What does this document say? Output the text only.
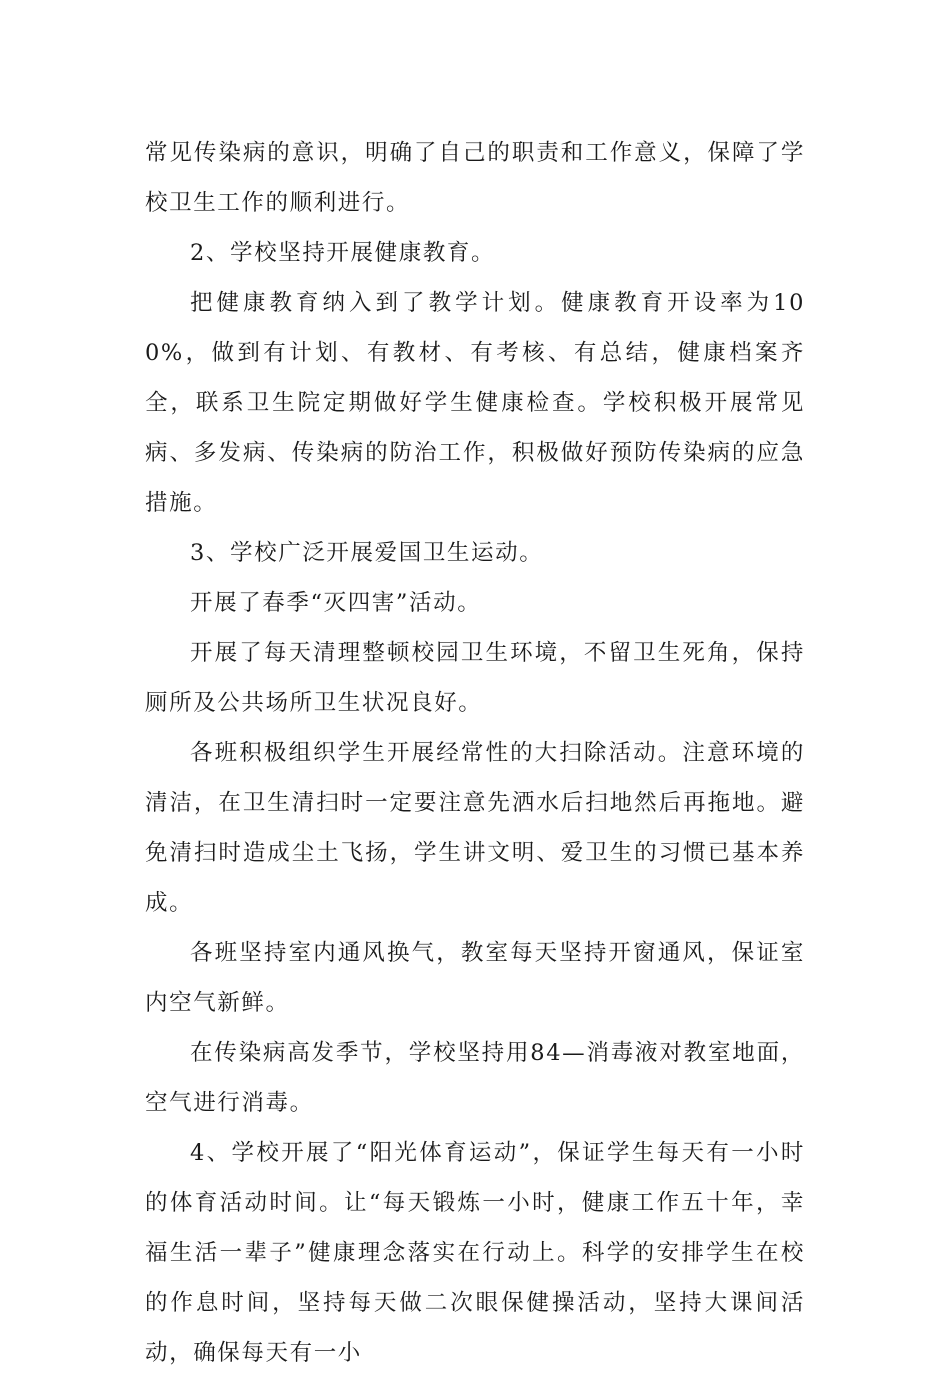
常见传染病的意识，明确了自己的职责和工作意义，保障了学校卫生工作的顺利进行。

2、学校坚持开展健康教育。

把健康教育纳入到了教学计划。健康教育开设率为100%，做到有计划、有教材、有考核、有总结，健康档案齐全，联系卫生院定期做好学生健康检查。学校积极开展常见病、多发病、传染病的防治工作，积极做好预防传染病的应急措施。

3、学校广泛开展爱国卫生运动。

开展了春季“灭四害”活动。

开展了每天清理整顿校园卫生环境，不留卫生死角，保持厕所及公共场所卫生状况良好。

各班积极组织学生开展经常性的大扫除活动。注意环境的清洁，在卫生清扫时一定要注意先洒水后扫地然后再拖地。避免清扫时造成尘土飞扬，学生讲文明、爱卫生的习惯已基本养成。

各班坚持室内通风换气，教室每天坚持开窗通风，保证室内空气新鲜。

在传染病高发季节，学校坚持用84—消毒液对教室地面，空气进行消毒。

4、学校开展了“阳光体育运动”，保证学生每天有一小时的体育活动时间。让“每天锻炼一小时，健康工作五十年，幸福生活一辈子”健康理念落实在行动上。科学的安排学生在校的作息时间，坚持每天做二次眼保健操活动，坚持大课间活动，确保每天有一小
